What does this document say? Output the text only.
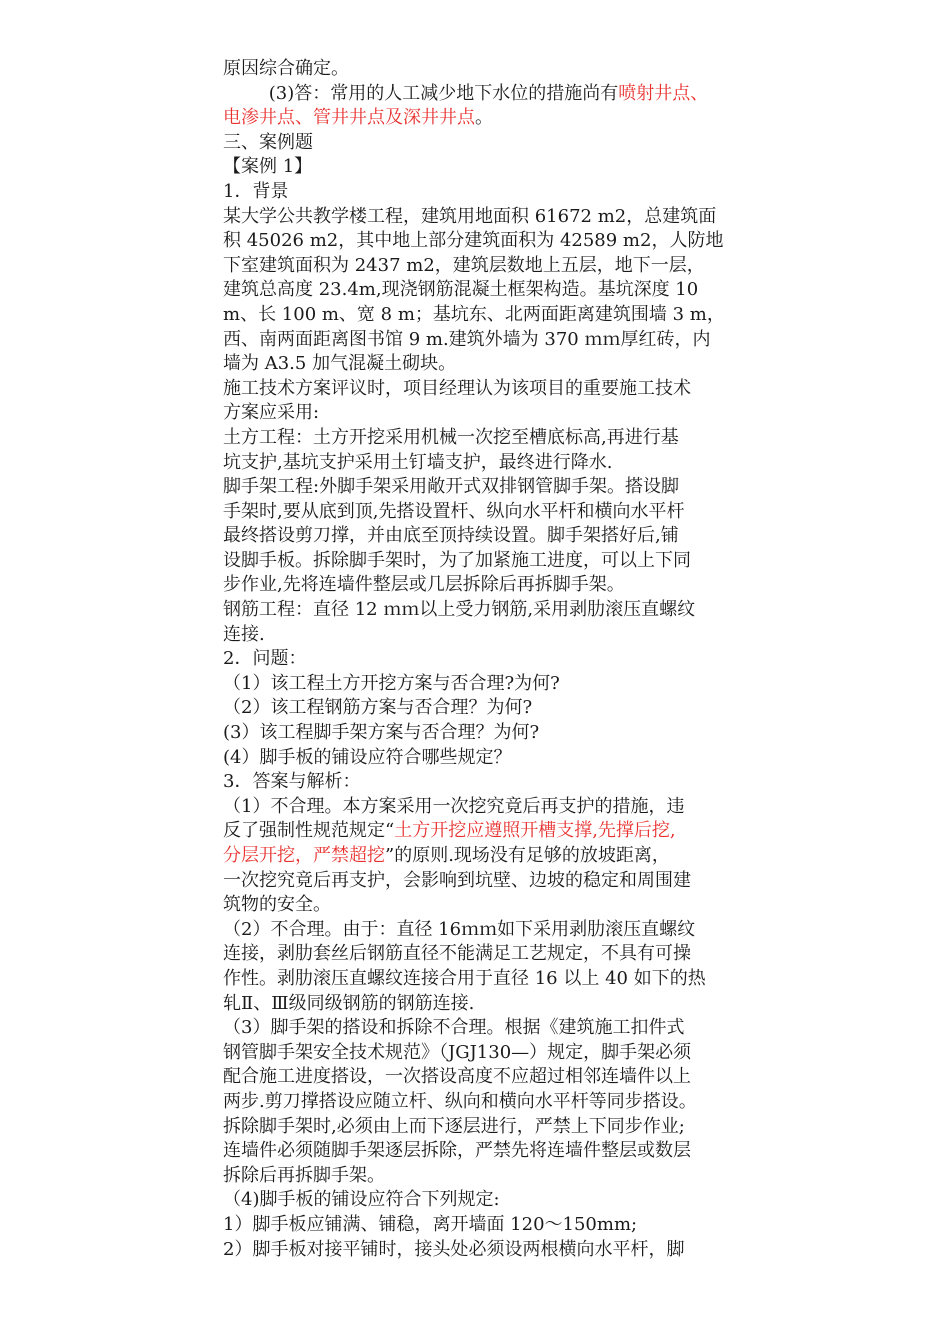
原因综合确定。
(3)答：常用的人工减少地下水位的措施尚有喷射井点、
电渗井点、管井井点及深井井点。
三、案例题
【案例 1】
1．背景
某大学公共教学楼工程，建筑用地面积 61672 m2，总建筑面
积 45026 m2，其中地上部分建筑面积为 42589 m2，人防地
下室建筑面积为 2437 m2，建筑层数地上五层，地下一层，
建筑总高度 23.4m,现浇钢筋混凝土框架构造。基坑深度 10
m、长 100 m、宽 8 m；基坑东、北两面距离建筑围墙 3 m，
西、南两面距离图书馆 9 m.建筑外墙为 370 ｍｍ厚红砖，内
墙为 A3.5 加气混凝土砌块。
施工技术方案评议时，项目经理认为该项目的重要施工技术
方案应采用:
土方工程：土方开挖采用机械一次挖至槽底标高,再进行基
坑支护,基坑支护采用土钉墙支护，最终进行降水.
脚手架工程:外脚手架采用敞开式双排钢管脚手架。搭设脚
手架时,要从底到顶,先搭设置杆、纵向水平杆和横向水平杆
最终搭设剪刀撑，并由底至顶持续设置。脚手架搭好后,铺
设脚手板。拆除脚手架时，为了加紧施工进度，可以上下同
步作业,先将连墙件整层或几层拆除后再拆脚手架。
钢筋工程：直径 12 ｍｍ以上受力钢筋,采用剥肋滚压直螺纹
连接.
2．问题：
（1）该工程土方开挖方案与否合理?为何?
（2）该工程钢筋方案与否合理？为何?
(3）该工程脚手架方案与否合理？为何?
(4）脚手板的铺设应符合哪些规定？
3．答案与解析：
（1）不合理。本方案采用一次挖究竟后再支护的措施，违
反了强制性规范规定“土方开挖应遵照开槽支撑,先撑后挖,
分层开挖，严禁超挖”的原则.现场没有足够的放坡距离，
一次挖究竟后再支护，会影响到坑壁、边坡的稳定和周围建
筑物的安全。
（2）不合理。由于：直径 16ｍｍ如下采用剥肋滚压直螺纹
连接，剥肋套丝后钢筋直径不能满足工艺规定，不具有可操
作性。剥肋滚压直螺纹连接合用于直径 16 以上 40 如下的热
轧Ⅱ、Ⅲ级同级钢筋的钢筋连接.
（3）脚手架的搭设和拆除不合理。根据《建筑施工扣件式
钢管脚手架安全技术规范》（JGJ130—）规定，脚手架必须
配合施工进度搭设，一次搭设高度不应超过相邻连墙件以上
两步.剪刀撑搭设应随立杆、纵向和横向水平杆等同步搭设。
拆除脚手架时,必须由上而下逐层进行，严禁上下同步作业;
连墙件必须随脚手架逐层拆除，严禁先将连墙件整层或数层
拆除后再拆脚手架。
（4)脚手板的铺设应符合下列规定:
1）脚手板应铺满、铺稳，离开墙面 120～150mm;
2）脚手板对接平铺时，接头处必须设两根横向水平杆，脚
